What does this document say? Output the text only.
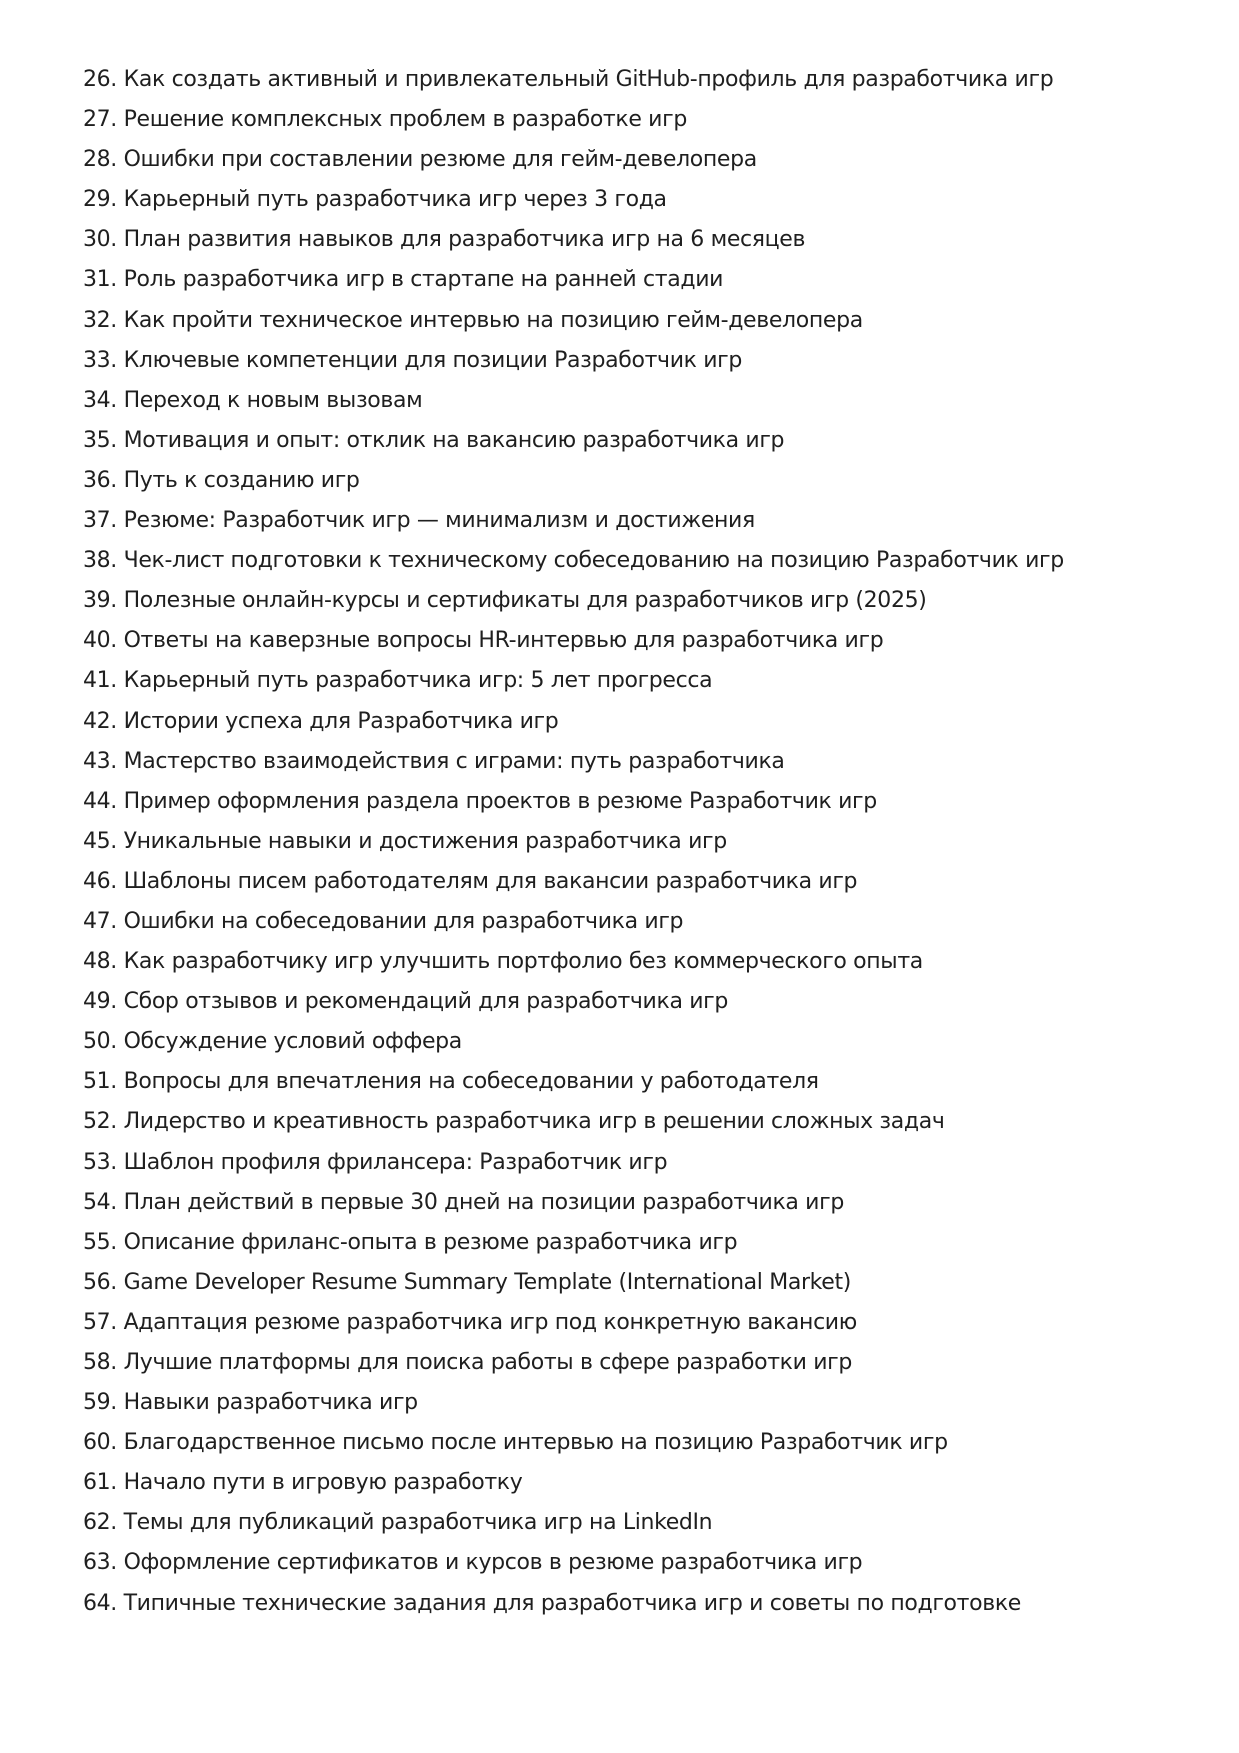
26. Как создать активный и привлекательный GitHub-профиль для разработчика игр
27. Решение комплексных проблем в разработке игр
28. Ошибки при составлении резюме для гейм-девелопера
29. Карьерный путь разработчика игр через 3 года
30. План развития навыков для разработчика игр на 6 месяцев
31. Роль разработчика игр в стартапе на ранней стадии
32. Как пройти техническое интервью на позицию гейм-девелопера
33. Ключевые компетенции для позиции Разработчик игр
34. Переход к новым вызовам
35. Мотивация и опыт: отклик на вакансию разработчика игр
36. Путь к созданию игр
37. Резюме: Разработчик игр — минимализм и достижения
38. Чек-лист подготовки к техническому собеседованию на позицию Разработчик игр
39. Полезные онлайн-курсы и сертификаты для разработчиков игр (2025)
40. Ответы на каверзные вопросы HR-интервью для разработчика игр
41. Карьерный путь разработчика игр: 5 лет прогресса
42. Истории успеха для Разработчика игр
43. Мастерство взаимодействия с играми: путь разработчика
44. Пример оформления раздела проектов в резюме Разработчик игр
45. Уникальные навыки и достижения разработчика игр
46. Шаблоны писем работодателям для вакансии разработчика игр
47. Ошибки на собеседовании для разработчика игр
48. Как разработчику игр улучшить портфолио без коммерческого опыта
49. Сбор отзывов и рекомендаций для разработчика игр
50. Обсуждение условий оффера
51. Вопросы для впечатления на собеседовании у работодателя
52. Лидерство и креативность разработчика игр в решении сложных задач
53. Шаблон профиля фрилансера: Разработчик игр
54. План действий в первые 30 дней на позиции разработчика игр
55. Описание фриланс-опыта в резюме разработчика игр
56. Game Developer Resume Summary Template (International Market)
57. Адаптация резюме разработчика игр под конкретную вакансию
58. Лучшие платформы для поиска работы в сфере разработки игр
59. Навыки разработчика игр
60. Благодарственное письмо после интервью на позицию Разработчик игр
61. Начало пути в игровую разработку
62. Темы для публикаций разработчика игр на LinkedIn
63. Оформление сертификатов и курсов в резюме разработчика игр
64. Типичные технические задания для разработчика игр и советы по подготовке
